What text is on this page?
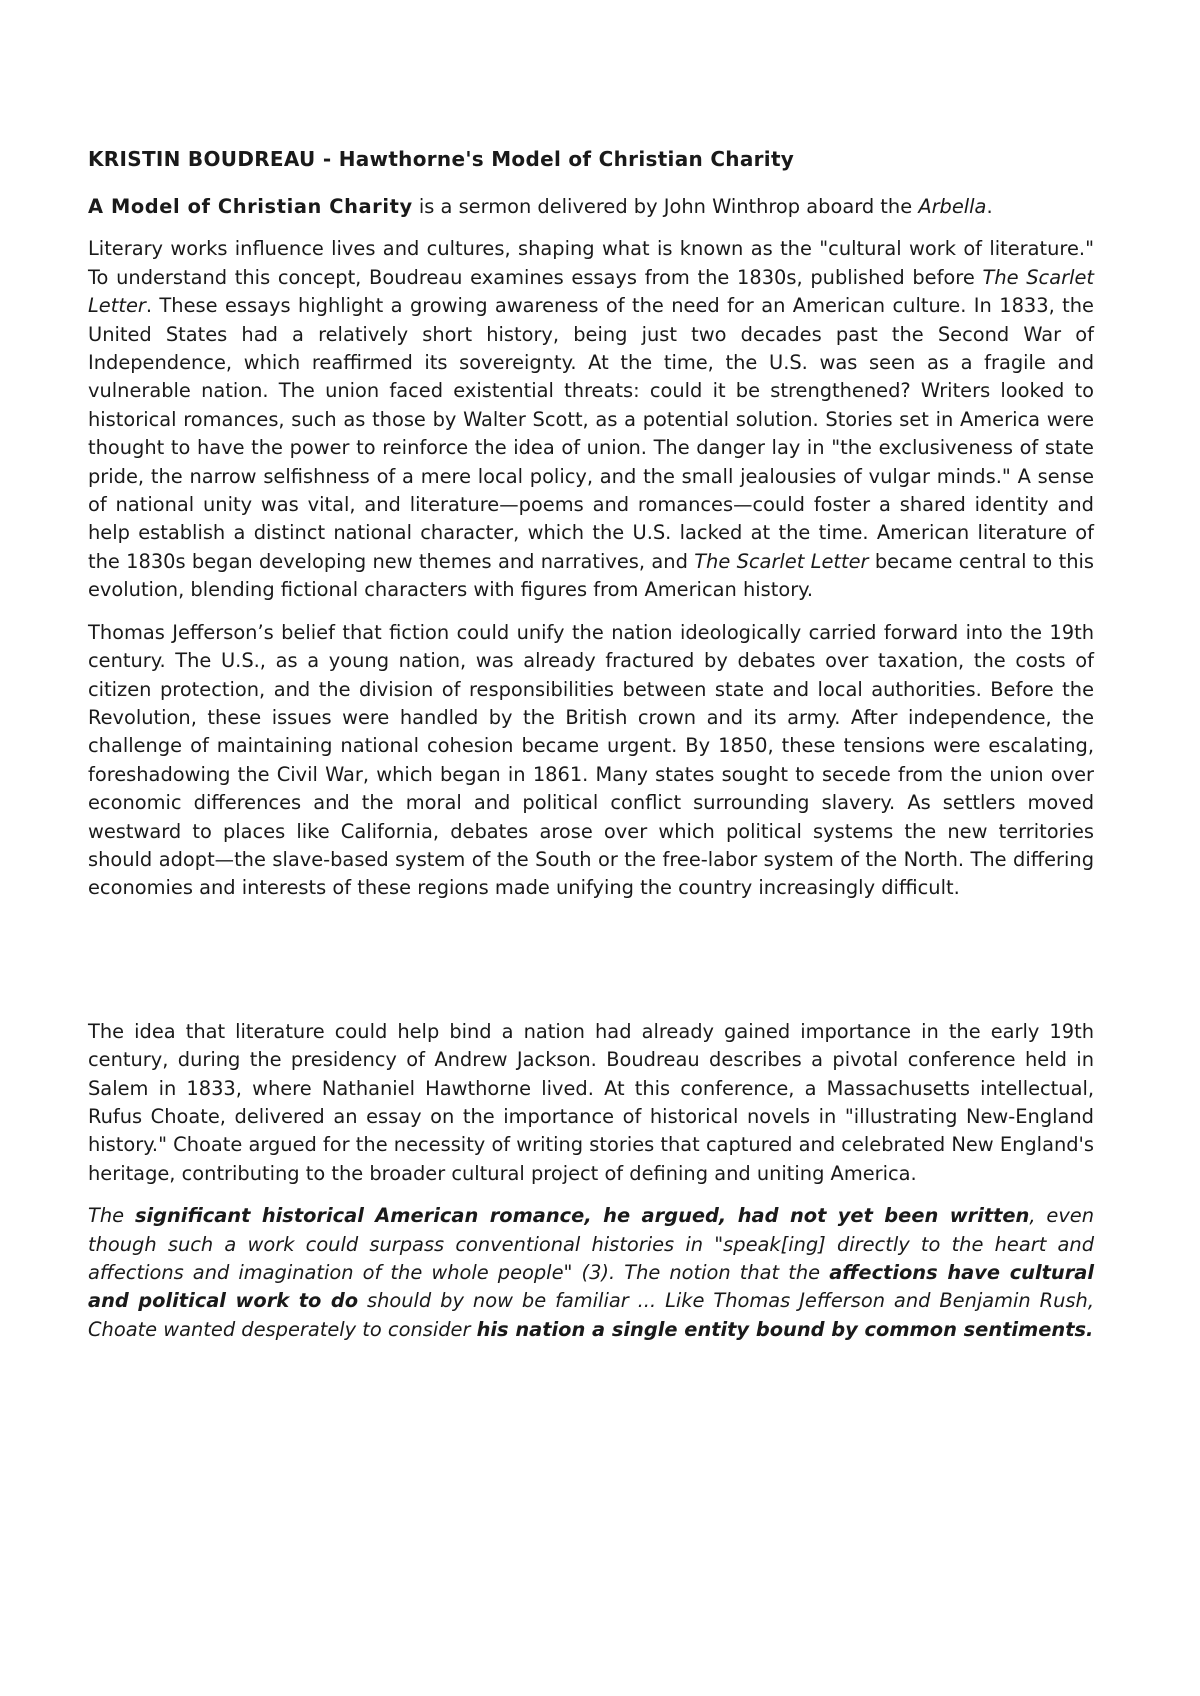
KRISTIN BOUDREAU - Hawthorne's Model of Christian Charity

A Model of Christian Charity is a sermon delivered by John Winthrop aboard the Arbella.

Literary works influence lives and cultures, shaping what is known as the "cultural work of literature." To understand this concept, Boudreau examines essays from the 1830s, published before The Scarlet Letter. These essays highlight a growing awareness of the need for an American culture. In 1833, the United States had a relatively short history, being just two decades past the Second War of Independence, which reaffirmed its sovereignty. At the time, the U.S. was seen as a fragile and vulnerable nation. The union faced existential threats: could it be strengthened? Writers looked to historical romances, such as those by Walter Scott, as a potential solution. Stories set in America were thought to have the power to reinforce the idea of union. The danger lay in "the exclusiveness of state pride, the narrow selfishness of a mere local policy, and the small jealousies of vulgar minds." A sense of national unity was vital, and literature—poems and romances—could foster a shared identity and help establish a distinct national character, which the U.S. lacked at the time. American literature of the 1830s began developing new themes and narratives, and The Scarlet Letter became central to this evolution, blending fictional characters with figures from American history.

Thomas Jefferson’s belief that fiction could unify the nation ideologically carried forward into the 19th century. The U.S., as a young nation, was already fractured by debates over taxation, the costs of citizen protection, and the division of responsibilities between state and local authorities. Before the Revolution, these issues were handled by the British crown and its army. After independence, the challenge of maintaining national cohesion became urgent. By 1850, these tensions were escalating, foreshadowing the Civil War, which began in 1861. Many states sought to secede from the union over economic differences and the moral and political conflict surrounding slavery. As settlers moved westward to places like California, debates arose over which political systems the new territories should adopt—the slave-based system of the South or the free-labor system of the North. The differing economies and interests of these regions made unifying the country increasingly difficult.

The idea that literature could help bind a nation had already gained importance in the early 19th century, during the presidency of Andrew Jackson. Boudreau describes a pivotal conference held in Salem in 1833, where Nathaniel Hawthorne lived. At this conference, a Massachusetts intellectual, Rufus Choate, delivered an essay on the importance of historical novels in "illustrating New-England history." Choate argued for the necessity of writing stories that captured and celebrated New England's heritage, contributing to the broader cultural project of defining and uniting America.

The significant historical American romance, he argued, had not yet been written, even though such a work could surpass conventional histories in "speak[ing] directly to the heart and affections and imagination of the whole people" (3). The notion that the affections have cultural and political work to do should by now be familiar ... Like Thomas Jefferson and Benjamin Rush, Choate wanted desperately to consider his nation a single entity bound by common sentiments.
